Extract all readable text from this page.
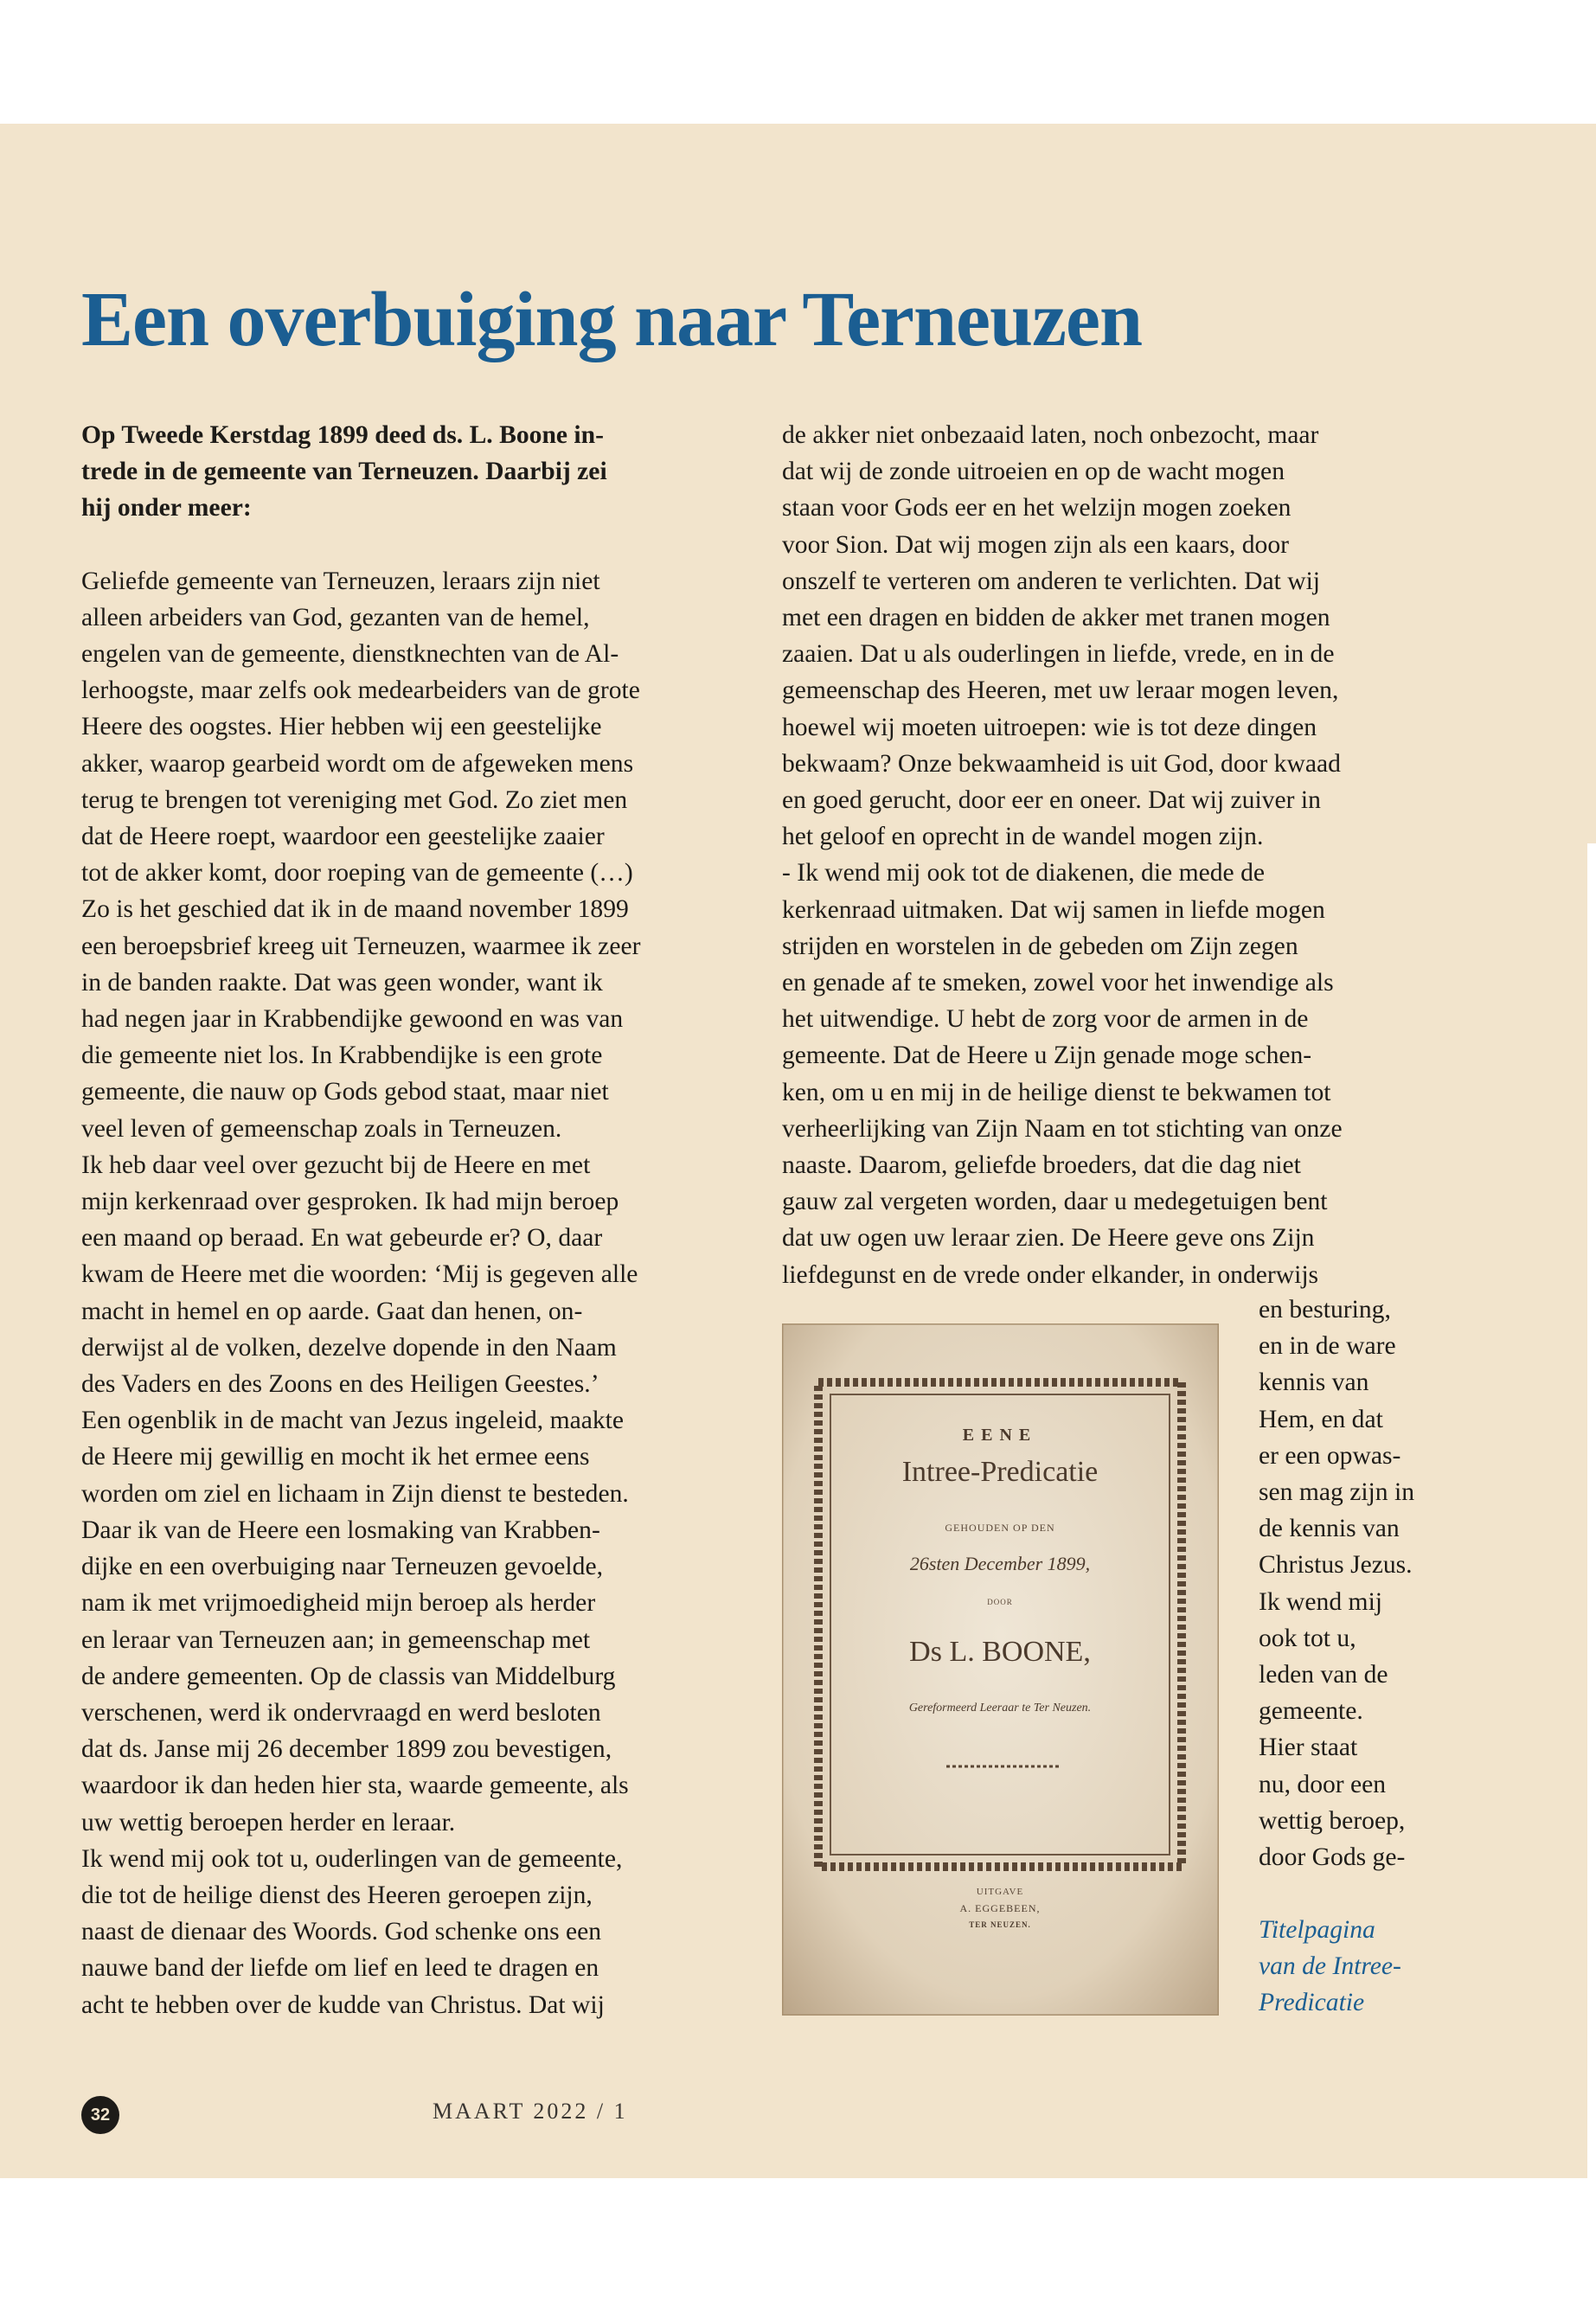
Een overbuiging naar Terneuzen
Op Tweede Kerstdag 1899 deed ds. L. Boone in-
trede in de gemeente van Terneuzen. Daarbij zei
hij onder meer:
Geliefde gemeente van Terneuzen, leraars zijn niet
alleen arbeiders van God, gezanten van de hemel,
engelen van de gemeente, dienstknechten van de Al-
lerhoogste, maar zelfs ook medearbeiders van de grote
Heere des oogstes. Hier hebben wij een geestelijke
akker, waarop gearbeid wordt om de afgeweken mens
terug te brengen tot vereniging met God. Zo ziet men
dat de Heere roept, waardoor een geestelijke zaaier
tot de akker komt, door roeping van de gemeente (…)
Zo is het geschied dat ik in de maand november 1899
een beroepsbrief kreeg uit Terneuzen, waarmee ik zeer
in de banden raakte. Dat was geen wonder, want ik
had negen jaar in Krabbendijke gewoond en was van
die gemeente niet los. In Krabbendijke is een grote
gemeente, die nauw op Gods gebod staat, maar niet
veel leven of gemeenschap zoals in Terneuzen.
Ik heb daar veel over gezucht bij de Heere en met
mijn kerkenraad over gesproken. Ik had mijn beroep
een maand op beraad. En wat gebeurde er? O, daar
kwam de Heere met die woorden: ‘Mij is gegeven alle
macht in hemel en op aarde. Gaat dan henen, on-
derwijst al de volken, dezelve dopende in den Naam
des Vaders en des Zoons en des Heiligen Geestes.’
Een ogenblik in de macht van Jezus ingeleid, maakte
de Heere mij gewillig en mocht ik het ermee eens
worden om ziel en lichaam in Zijn dienst te besteden.
Daar ik van de Heere een losmaking van Krabben-
dijke en een overbuiging naar Terneuzen gevoelde,
nam ik met vrijmoedigheid mijn beroep als herder
en leraar van Terneuzen aan; in gemeenschap met
de andere gemeenten. Op de classis van Middelburg
verschenen, werd ik ondervraagd en werd besloten
dat ds. Janse mij 26 december 1899 zou bevestigen,
waardoor ik dan heden hier sta, waarde gemeente, als
uw wettig beroepen herder en leraar.
Ik wend mij ook tot u, ouderlingen van de gemeente,
die tot de heilige dienst des Heeren geroepen zijn,
naast de dienaar des Woords. God schenke ons een
nauwe band der liefde om lief en leed te dragen en
acht te hebben over de kudde van Christus. Dat wij
de akker niet onbezaaid laten, noch onbezocht, maar
dat wij de zonde uitroeien en op de wacht mogen
staan voor Gods eer en het welzijn mogen zoeken
voor Sion. Dat wij mogen zijn als een kaars, door
onszelf te verteren om anderen te verlichten. Dat wij
met een dragen en bidden de akker met tranen mogen
zaaien. Dat u als ouderlingen in liefde, vrede, en in de
gemeenschap des Heeren, met uw leraar mogen leven,
hoewel wij moeten uitroepen: wie is tot deze dingen
bekwaam? Onze bekwaamheid is uit God, door kwaad
en goed gerucht, door eer en oneer. Dat wij zuiver in
het geloof en oprecht in de wandel mogen zijn.
- Ik wend mij ook tot de diakenen, die mede de
kerkenraad uitmaken. Dat wij samen in liefde mogen
strijden en worstelen in de gebeden om Zijn zegen
en genade af te smeken, zowel voor het inwendige als
het uitwendige. U hebt de zorg voor de armen in de
gemeente. Dat de Heere u Zijn genade moge schen-
ken, om u en mij in de heilige dienst te bekwamen tot
verheerlijking van Zijn Naam en tot stichting van onze
naaste. Daarom, geliefde broeders, dat die dag niet
gauw zal vergeten worden, daar u medegetuigen bent
dat uw ogen uw leraar zien. De Heere geve ons Zijn
liefdegunst en de vrede onder elkander, in onderwijs
en besturing,
en in de ware
kennis van
Hem, en dat
er een opwas-
sen mag zijn in
de kennis van
Christus Jezus.
Ik wend mij
ook tot u,
leden van de
gemeente.
Hier staat
nu, door een
wettig beroep,
door Gods ge-
EENE
Intree-Predicatie
GEHOUDEN OP DEN
26sten December 1899,
DOOR
Ds L. BOONE,
Gereformeerd Leeraar te Ter Neuzen.
UITGAVE
A. EGGEBEEN,
TER NEUZEN.	Titelpagina
van de Intree-
Predicatie
32	MAART 2022 / 1
